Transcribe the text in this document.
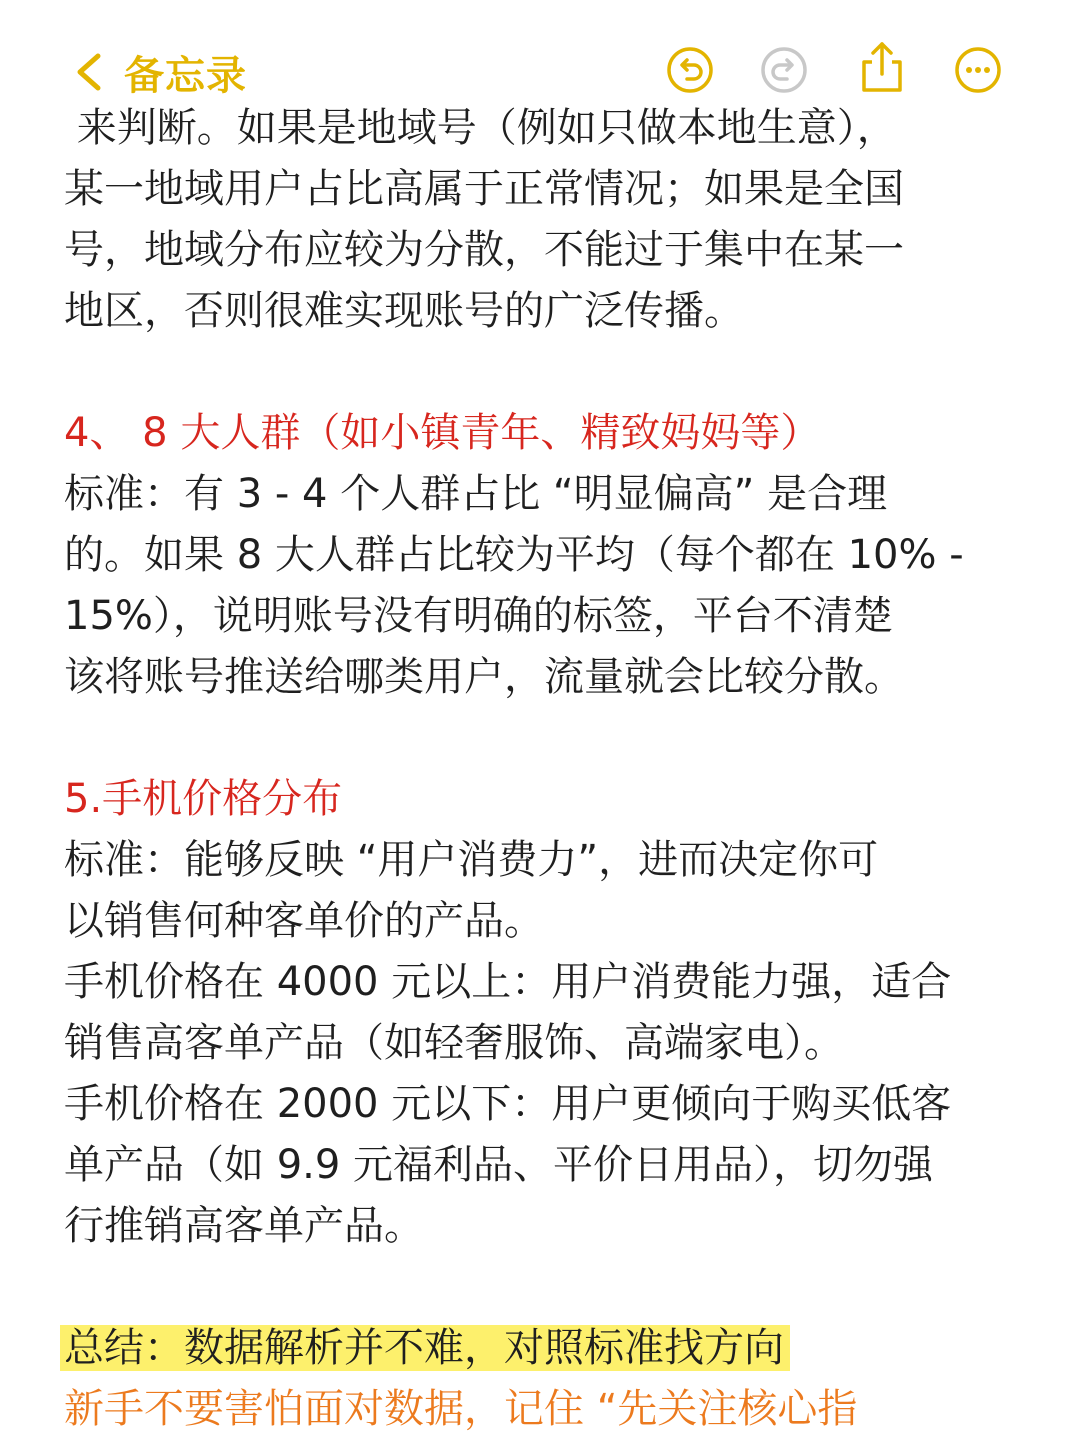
备忘录

来判断。如果是地域号（例如只做本地生意），

某一地域用户占比高属于正常情况；如果是全国

号，地域分布应较为分散，不能过于集中在某一

地区，否则很难实现账号的广泛传播。

4、 8 大人群（如小镇青年、精致妈妈等）

标准：有 3 - 4 个人群占比 “明显偏高” 是合理

的。如果 8 大人群占比较为平均（每个都在 10% -

15%），说明账号没有明确的标签，平台不清楚

该将账号推送给哪类用户，流量就会比较分散。

5.手机价格分布

标准：能够反映 “用户消费力”，进而决定你可

以销售何种客单价的产品。

手机价格在 4000 元以上：用户消费能力强，适合

销售高客单产品（如轻奢服饰、高端家电）。

手机价格在 2000 元以下：用户更倾向于购买低客

单产品（如 9.9 元福利品、平价日用品），切勿强

行推销高客单产品。

总结：数据解析并不难，对照标准找方向

新手不要害怕面对数据，记住 “先关注核心指
